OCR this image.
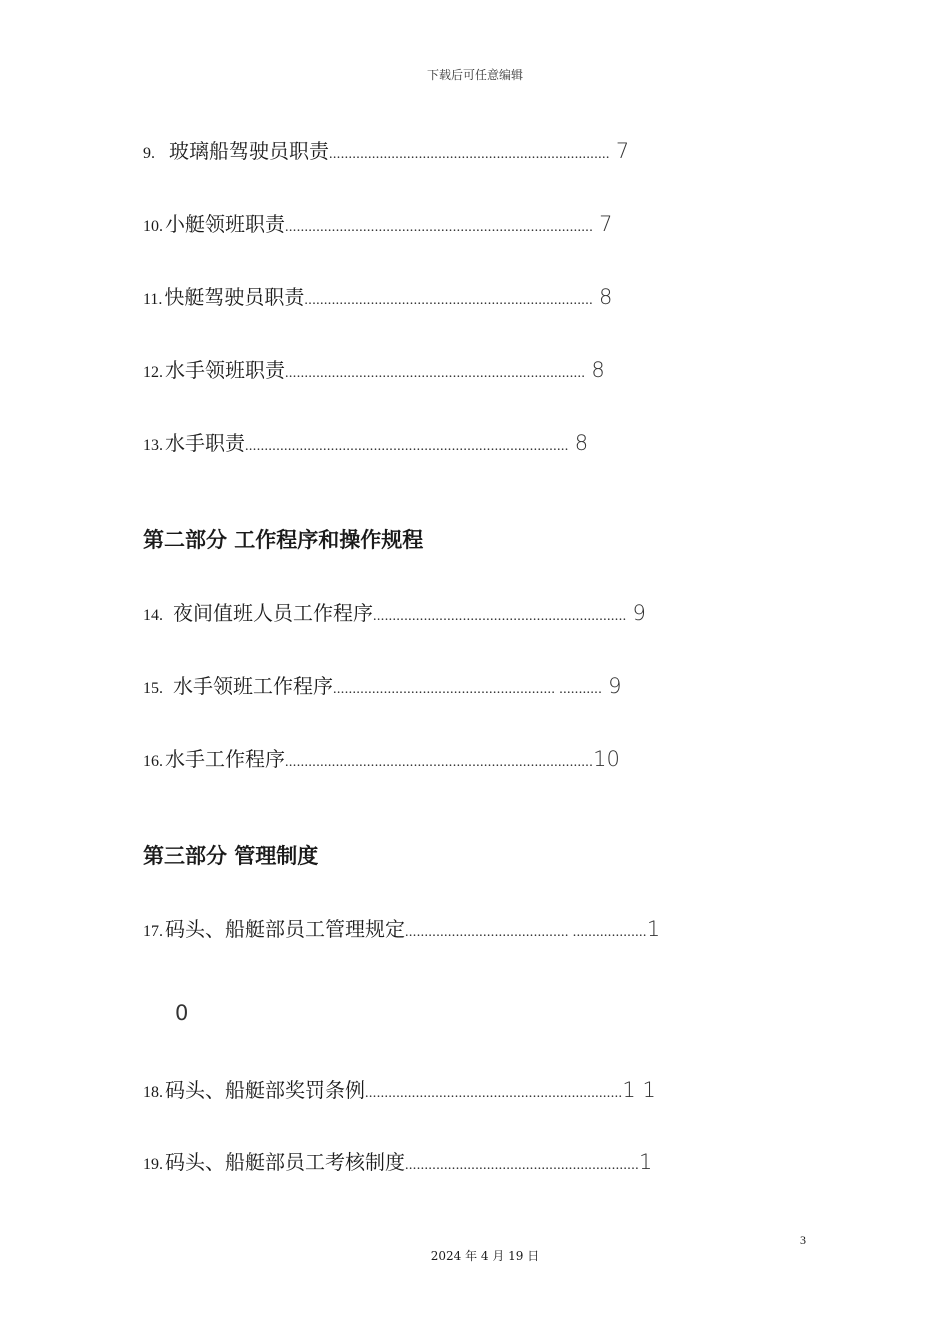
下载后可任意编辑
9. 玻璃船驾驶员职责 ........................................................................ 7
10. 小艇领班职责 ............................................................................... 7
11. 快艇驾驶员职责 .......................................................................... 8
12. 水手领班职责 ............................................................................. 8
13. 水手职责 ................................................................................... 8
第二部分 工作程序和操作规程
14. 夜间值班人员工作程序 ................................................................. 9
15. 水手领班工作程序 ......................................................... ........... 9
16. 水手工作程序 ............................................................................... 10
第三部分 管理制度
17. 码头、船艇部员工管理规定 .......................................... ................... 1
0
18. 码头、船艇部奖罚条例 .................................................................. 1 1
19. 码头、船艇部员工考核制度 ............................................................ 1
3
2024 年 4 月 19 日
